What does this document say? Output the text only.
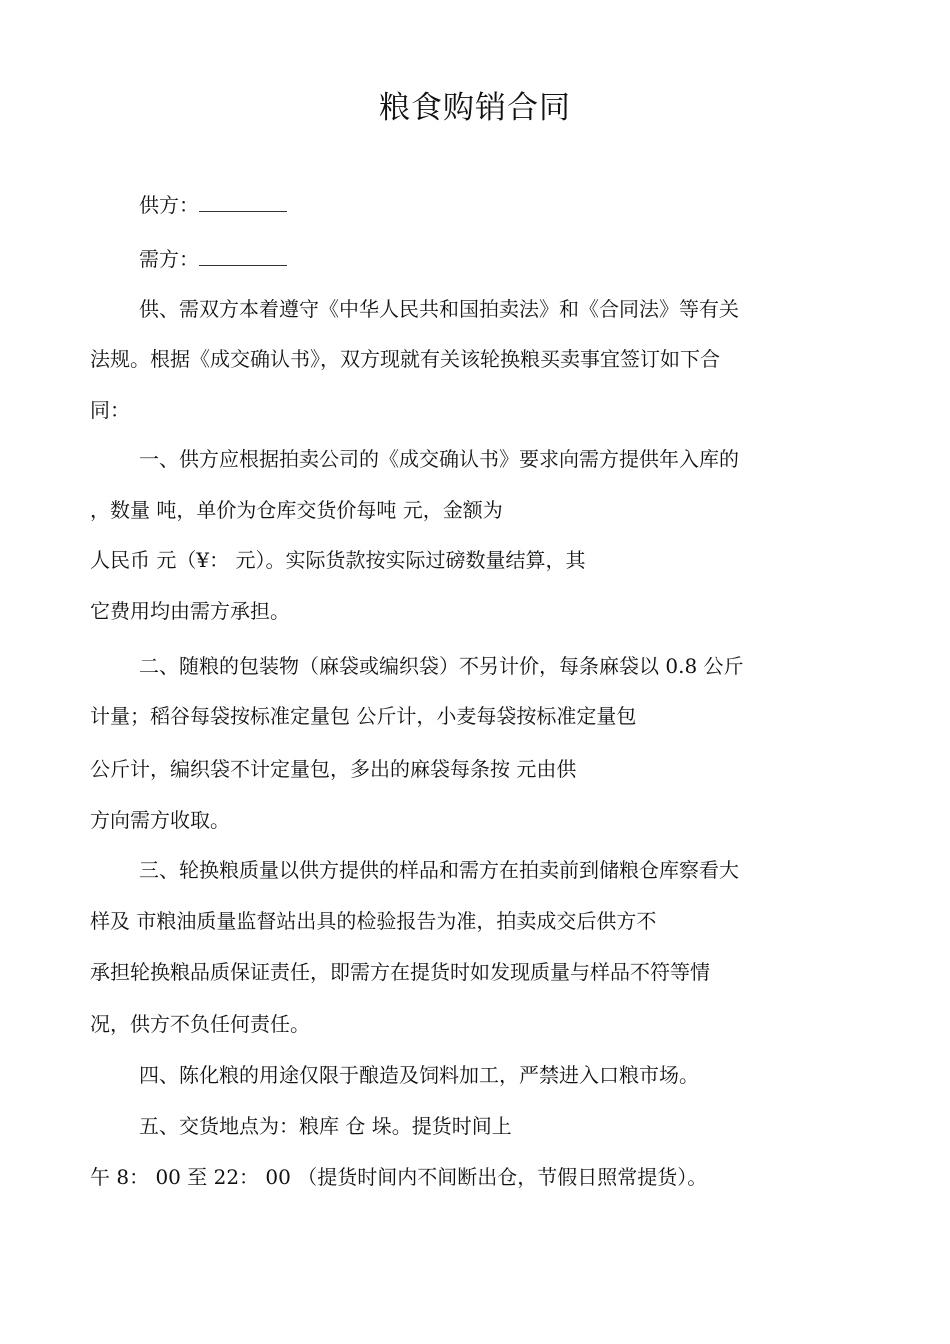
粮食购销合同
供方：
需方：
供、需双方本着遵守《中华人民共和国拍卖法》和《合同法》等有关
法规。根据《成交确认书》，双方现就有关该轮换粮买卖事宜签订如下合
同：
一、供方应根据拍卖公司的《成交确认书》要求向需方提供年入库的
，数量 吨，单价为仓库交货价每吨 元，金额为
人民币 元（¥： 元）。实际货款按实际过磅数量结算，其
它费用均由需方承担。
二、随粮的包装物（麻袋或编织袋）不另计价，每条麻袋以 0.8 公斤
计量；稻谷每袋按标准定量包 公斤计，小麦每袋按标准定量包
公斤计，编织袋不计定量包，多出的麻袋每条按 元由供
方向需方收取。
三、轮换粮质量以供方提供的样品和需方在拍卖前到储粮仓库察看大
样及 市粮油质量监督站出具的检验报告为准，拍卖成交后供方不
承担轮换粮品质保证责任，即需方在提货时如发现质量与样品不符等情
况，供方不负任何责任。
四、陈化粮的用途仅限于酿造及饲料加工，严禁进入口粮市场。
五、交货地点为：粮库 仓 垛。提货时间上
午 8： 00 至 22： 00 （提货时间内不间断出仓，节假日照常提货）。
